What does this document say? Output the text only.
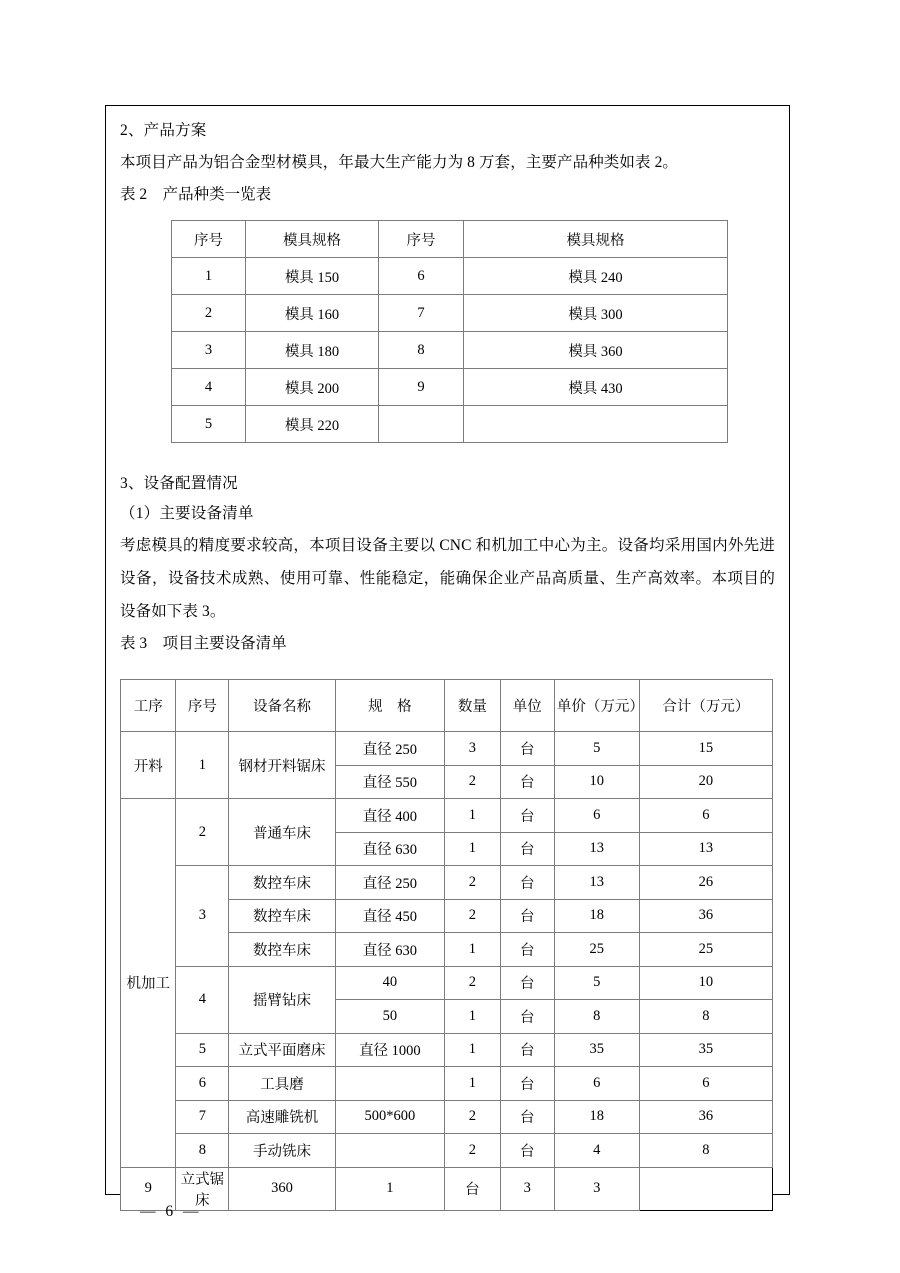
2、产品方案
本项目产品为铝合金型材模具，年最大生产能力为 8 万套，主要产品种类如表 2。
表 2　产品种类一览表
序号	模具规格	序号	模具规格
1	模具 150	6	模具 240
2	模具 160	7	模具 300
3	模具 180	8	模具 360
4	模具 200	9	模具 430
5	模具 220		
3、设备配置情况
（1）主要设备清单
考虑模具的精度要求较高，本项目设备主要以 CNC 和机加工中心为主。设备均采用国内外先进设备，设备技术成熟、使用可靠、性能稳定，能确保企业产品高质量、生产高效率。本项目的设备如下表 3。
表 3　项目主要设备清单
工序	序号	设备名称	规　格	数量	单位	单价（万元）	合计（万元）
开料	1	钢材开料锯床	直径 250	3	台	5	15
			直径 550	2	台	10	20
机加工	2	普通车床	直径 400	1	台	6	6
			直径 630	1	台	13	13
	3	数控车床	直径 250	2	台	13	26
		数控车床	直径 450	2	台	18	36
		数控车床	直径 630	1	台	25	25
	4	摇臂钻床	40	2	台	5	10
			50	1	台	8	8
	5	立式平面磨床	直径 1000	1	台	35	35
	6	工具磨		1	台	6	6
	7	高速雕铣机	500*600	2	台	18	36
	8	手动铣床		2	台	4	8
9	立式锯床	360	1	台	3	3	
— 6 —
